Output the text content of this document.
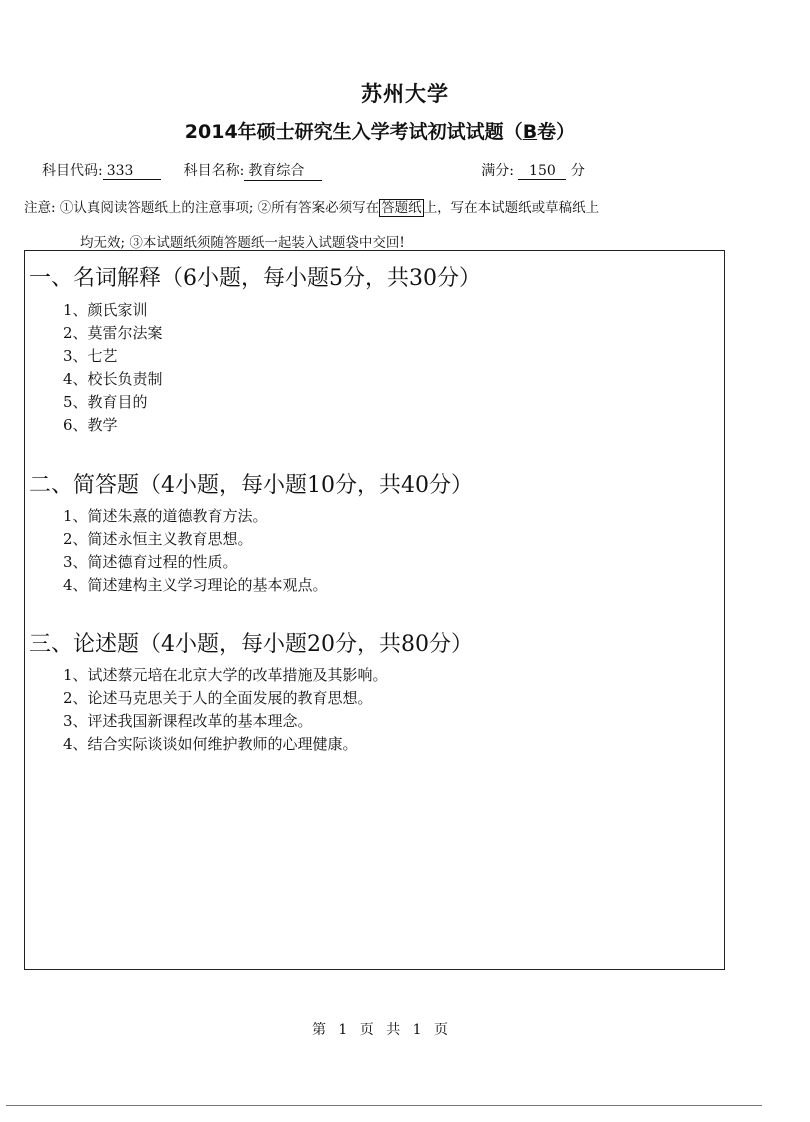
苏州大学
2014年硕士研究生入学考试初试试题（B卷）
科目代码: 333	科目名称: 教育综合	满分: 150 分
注意: ①认真阅读答题纸上的注意事项; ②所有答案必须写在 答题纸 上，写在本试题纸或草稿纸上
均无效; ③本试题纸须随答题纸一起装入试题袋中交回!
一、名词解释（6小题，每小题5分，共30分）
1、颜氏家训
2、莫雷尔法案
3、七艺
4、校长负责制
5、教育目的
6、教学
二、简答题（4小题，每小题10分，共40分）
1、简述朱熹的道德教育方法。
2、简述永恒主义教育思想。
3、简述德育过程的性质。
4、简述建构主义学习理论的基本观点。
三、论述题（4小题，每小题20分，共80分）
1、试述蔡元培在北京大学的改革措施及其影响。
2、论述马克思关于人的全面发展的教育思想。
3、评述我国新课程改革的基本理念。
4、结合实际谈谈如何维护教师的心理健康。
第 1 页 共 1 页
